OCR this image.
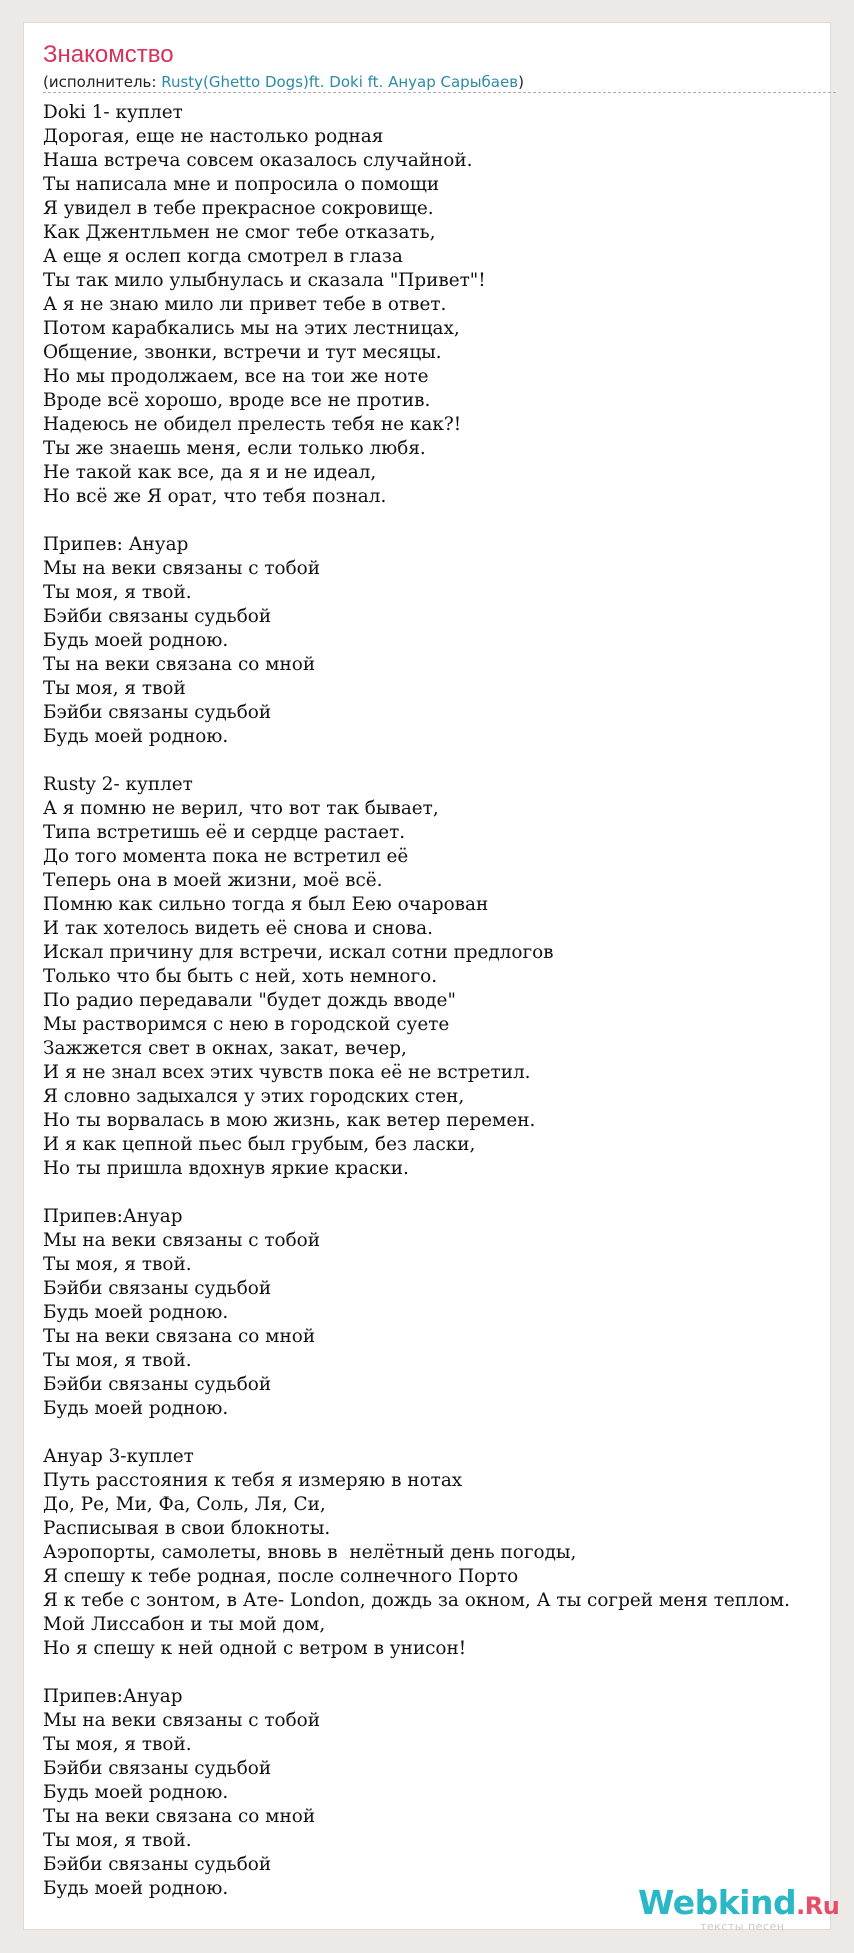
Знакомство
(исполнитель: Rusty(Ghetto Dogs)ft. Doki ft. Ануар Сарыбаев)
Doki 1- куплет
Дорогая, еще не настолько родная
Наша встреча совсем оказалось случайной.
Ты написала мне и попросила о помощи
Я увидел в тебе прекрасное сокровище.
Как Джентльмен не смог тебе отказать,
А еще я ослеп когда смотрел в глаза
Ты так мило улыбнулась и сказала "Привет"!
А я не знаю мило ли привет тебе в ответ.
Потом карабкались мы на этих лестницах,
Общение, звонки, встречи и тут месяцы.
Но мы продолжаем, все на тои же ноте
Вроде всё хорошо, вроде все не против.
Надеюсь не обидел прелесть тебя не как?!
Ты же знаешь меня, если только любя.
Не такой как все, да я и не идеал,
Но всё же Я орат, что тебя познал.

Припев: Ануар
Мы на веки связаны с тобой
Ты моя, я твой.
Бэйби связаны судьбой
Будь моей родною.
Ты на веки связана со мной
Ты моя, я твой
Бэйби связаны судьбой
Будь моей родною.

Rusty 2- куплет
А я помню не верил, что вот так бывает,
Типа встретишь её и сердце растает.
До того момента пока не встретил её
Теперь она в моей жизни, моё всё.
Помню как сильно тогда я был Еею очарован
И так хотелось видеть её снова и снова.
Искал причину для встречи, искал сотни предлогов
Только что бы быть с ней, хоть немного.
По радио передавали "будет дождь вводе"
Мы растворимся с нею в городской суете
Зажжется свет в окнах, закат, вечер,
И я не знал всех этих чувств пока её не встретил.
Я словно задыхался у этих городских стен,
Но ты ворвалась в мою жизнь, как ветер перемен.
И я как цепной пьес был грубым, без ласки,
Но ты пришла вдохнув яркие краски.

Припев:Ануар
Мы на веки связаны с тобой
Ты моя, я твой.
Бэйби связаны судьбой
Будь моей родною.
Ты на веки связана со мной
Ты моя, я твой.
Бэйби связаны судьбой
Будь моей родною.

Ануар 3-куплет
Путь расстояния к тебя я измеряю в нотах
До, Ре, Ми, Фа, Соль, Ля, Си,
Расписывая в свои блокноты.
Аэропорты, самолеты, вновь в  нелётный день погоды,
Я спешу к тебе родная, после солнечного Порто
Я к тебе с зонтом, в Ате- London, дождь за окном, А ты согрей меня теплом.
Мой Лиссабон и ты мой дом,
Но я спешу к ней одной с ветром в унисон!

Припев:Ануар
Мы на веки связаны с тобой
Ты моя, я твой.
Бэйби связаны судьбой
Будь моей родною.
Ты на веки связана со мной
Ты моя, я твой.
Бэйби связаны судьбой
Будь моей родною.	Webkind.Ru
тексты песен
